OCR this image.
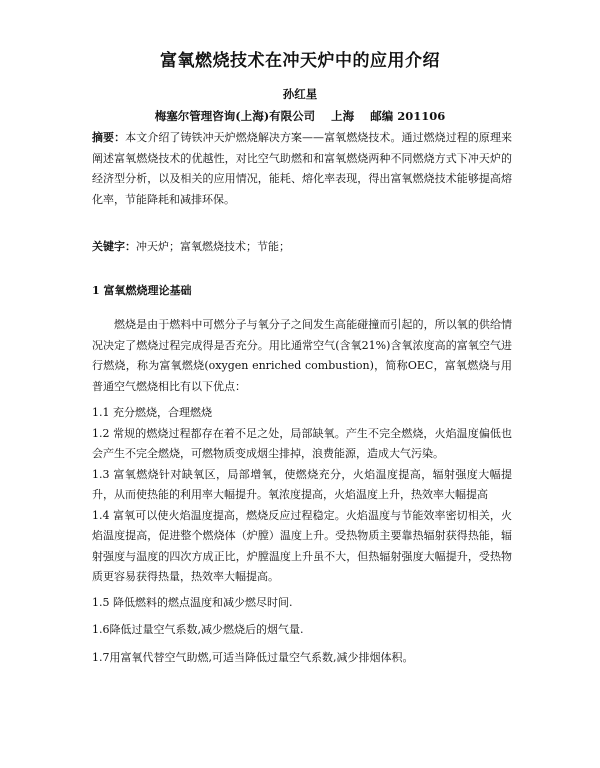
富氧燃烧技术在冲天炉中的应用介绍
孙红星
梅塞尔管理咨询(上海)有限公司    上海    邮编 201106
摘要：本文介绍了铸铁冲天炉燃烧解决方案——富氧燃烧技术。通过燃烧过程的原理来阐述富氧燃烧技术的优越性，对比空气助燃和和富氧燃烧两种不同燃烧方式下冲天炉的经济型分析，以及相关的应用情况，能耗、熔化率表现，得出富氧燃烧技术能够提高熔化率，节能降耗和减排环保。
关键字：冲天炉；富氧燃烧技术；节能；
1 富氧燃烧理论基础
燃烧是由于燃料中可燃分子与氧分子之间发生高能碰撞而引起的，所以氧的供给情况决定了燃烧过程完成得是否充分。用比通常空气(含氧21%)含氧浓度高的富氧空气进行燃烧，称为富氧燃烧(oxygen enriched combustion)，简称OEC，富氧燃烧与用普通空气燃烧相比有以下优点：

1.1 充分燃烧，合理燃烧

1.2 常规的燃烧过程都存在着不足之处，局部缺氧。产生不完全燃烧，火焰温度偏低也会产生不完全燃烧，可燃物质变成烟尘排掉，浪费能源，造成大气污染。

1.3 富氧燃烧针对缺氧区，局部增氧，使燃烧充分，火焰温度提高，辐射强度大幅提升，从而使热能的利用率大幅提升。氧浓度提高，火焰温度上升，热效率大幅提高

1.4 富氧可以使火焰温度提高，燃烧反应过程稳定。火焰温度与节能效率密切相关，火焰温度提高，促进整个燃烧体（炉膛）温度上升。受热物质主要靠热辐射获得热能，辐射强度与温度的四次方成正比，炉膛温度上升虽不大，但热辐射强度大幅提升，受热物质更容易获得热量，热效率大幅提高。

1.5 降低燃料的燃点温度和减少燃尽时间.

1.6降低过量空气系数,减少燃烧后的烟气量.

1.7用富氧代替空气助燃,可适当降低过量空气系数,减少排烟体积。
